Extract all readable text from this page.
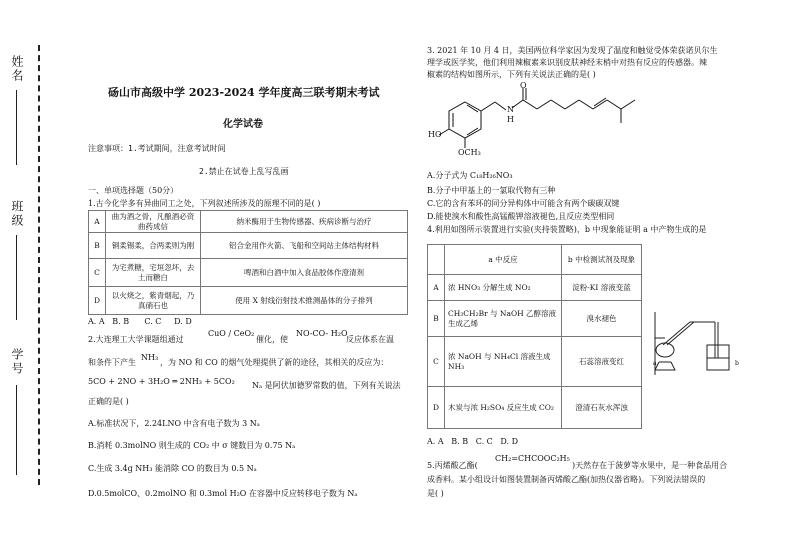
姓名
班级
学号
砀山市高级中学 2023-2024 学年度高三联考期末考试
化学试卷
注意事项：1.考试期间，注意考试时间
2.禁止在试卷上乱写乱画
一、单项选择题（50分）
1.古今化学多有异曲同工之处，下列叙述所涉及的原理不同的是( )
A	曲为酒之骨，凡酿酒必资曲药成信	纳米酶用于生物传感器、疾病诊断与治疗
B	铜柔锡柔，合两柔则为刚	铝合金用作火箭、飞船和空间站主体结构材料
C	为宅煮糖，宅垣忽坏，去土而糖白	啤酒和白酒中加入食品胶体作澄清剂
D	以火烧之，紫青烟起，乃真硝石也	使用 X 射线衍射技术推测晶体的分子排列
A. A   B. B      C. C     D. D
2.大连理工大学课题组通过
CuO / CeO₂
催化，使
NO-CO- H₂O
反应体系在温
和条件下产生
NH₃
，为 NO 和 CO 的烟气处理提供了新的途径，其相关的反应为：
5CO + 2NO + 3H₂O ═ 2NH₃ + 5CO₂ Nₐ 是阿伏加德罗常数的值，下列有关说法
正确的是( )
A.标准状况下，2.24LNO 中含有电子数为 3 Nₐ
B.消耗 0.3molNO 则生成的 CO₂ 中 σ 键数目为 0.75 Nₐ
C.生成 3.4g NH₃ 能消除 CO 的数目为 0.5 Nₐ
D.0.5molCO、0.2molNO 和 0.3mol H₂O 在容器中反应转移电子数为 Nₐ
3. 2021 年 10 月 4 日，美国两位科学家因为发现了温度和触觉受体荣获诺贝尔生
理学或医学奖，他们利用辣椒素来识别皮肤神经末梢中对热有反应的传感器。辣
椒素的结构如图所示，下列有关说法正确的是( )
HO
OCH₃
N
H
O
A.分子式为 C₁₈H₂₆NO₃
B.分子中甲基上的一氯取代物有三种
C.它的含有苯环的同分异构体中可能含有两个碳碳双键
D.能使溴水和酸性高锰酸钾溶液褪色,且反应类型相同
4.利用如图所示装置进行实验(夹持装置略)，b 中现象能证明 a 中产物生成的是
	a 中反应	b 中检测试剂及现象
A	浓 HNO₃ 分解生成 NO₂	淀粉-KI 溶液变蓝
B	CH₃CH₂Br 与 NaOH 乙醇溶液生成乙烯	溴水褪色
C	浓 NaOH 与 NH₄Cl 溶液生成 NH₃	石蕊溶液变红
D	木炭与浓 H₂SO₄ 反应生成 CO₂	澄清石灰水浑浊
a	b
A. A   B. B   C. C   D. D
5.丙烯酸乙酯(
CH₂=CHCOOC₂H₅
)天然存在于菠萝等水果中，是一种食品用合
成香料。某小组设计如图装置制备丙烯酸乙酯(加热仪器省略)。下列说法错误的
是( )
